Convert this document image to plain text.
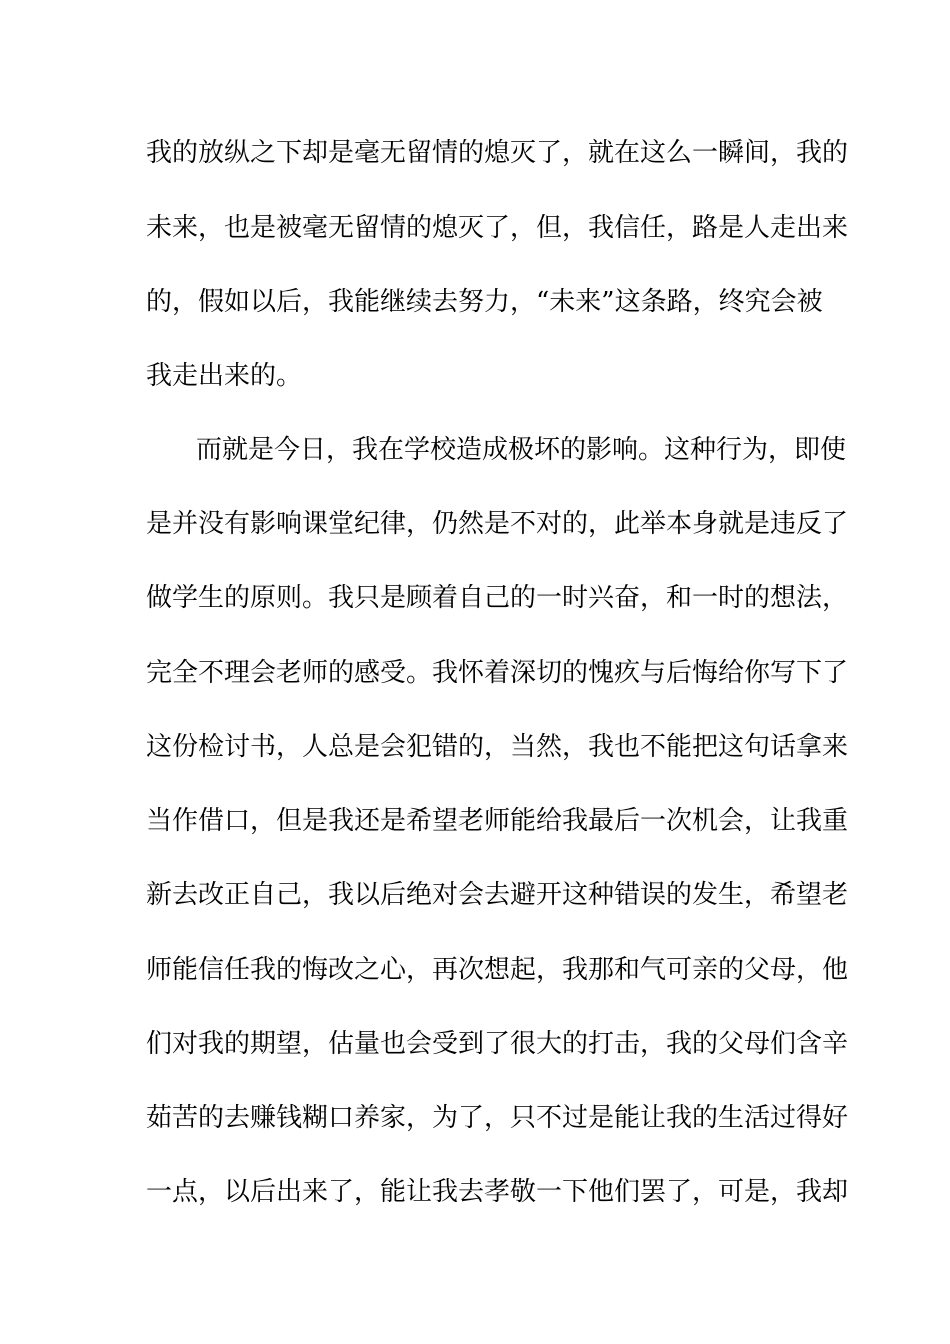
我的放纵之下却是毫无留情的熄灭了，就在这么一瞬间，我的
未来，也是被毫无留情的熄灭了，但，我信任，路是人走出来
的，假如以后，我能继续去努力，“未来”这条路，终究会被
我走出来的。
而就是今日，我在学校造成极坏的影响。这种行为，即使
是并没有影响课堂纪律，仍然是不对的，此举本身就是违反了
做学生的原则。我只是顾着自己的一时兴奋，和一时的想法，
完全不理会老师的感受。我怀着深切的愧疚与后悔给你写下了
这份检讨书，人总是会犯错的，当然，我也不能把这句话拿来
当作借口，但是我还是希望老师能给我最后一次机会，让我重
新去改正自己，我以后绝对会去避开这种错误的发生，希望老
师能信任我的悔改之心，再次想起，我那和气可亲的父母，他
们对我的期望，估量也会受到了很大的打击，我的父母们含辛
茹苦的去赚钱糊口养家，为了，只不过是能让我的生活过得好
一点，以后出来了，能让我去孝敬一下他们罢了，可是，我却
